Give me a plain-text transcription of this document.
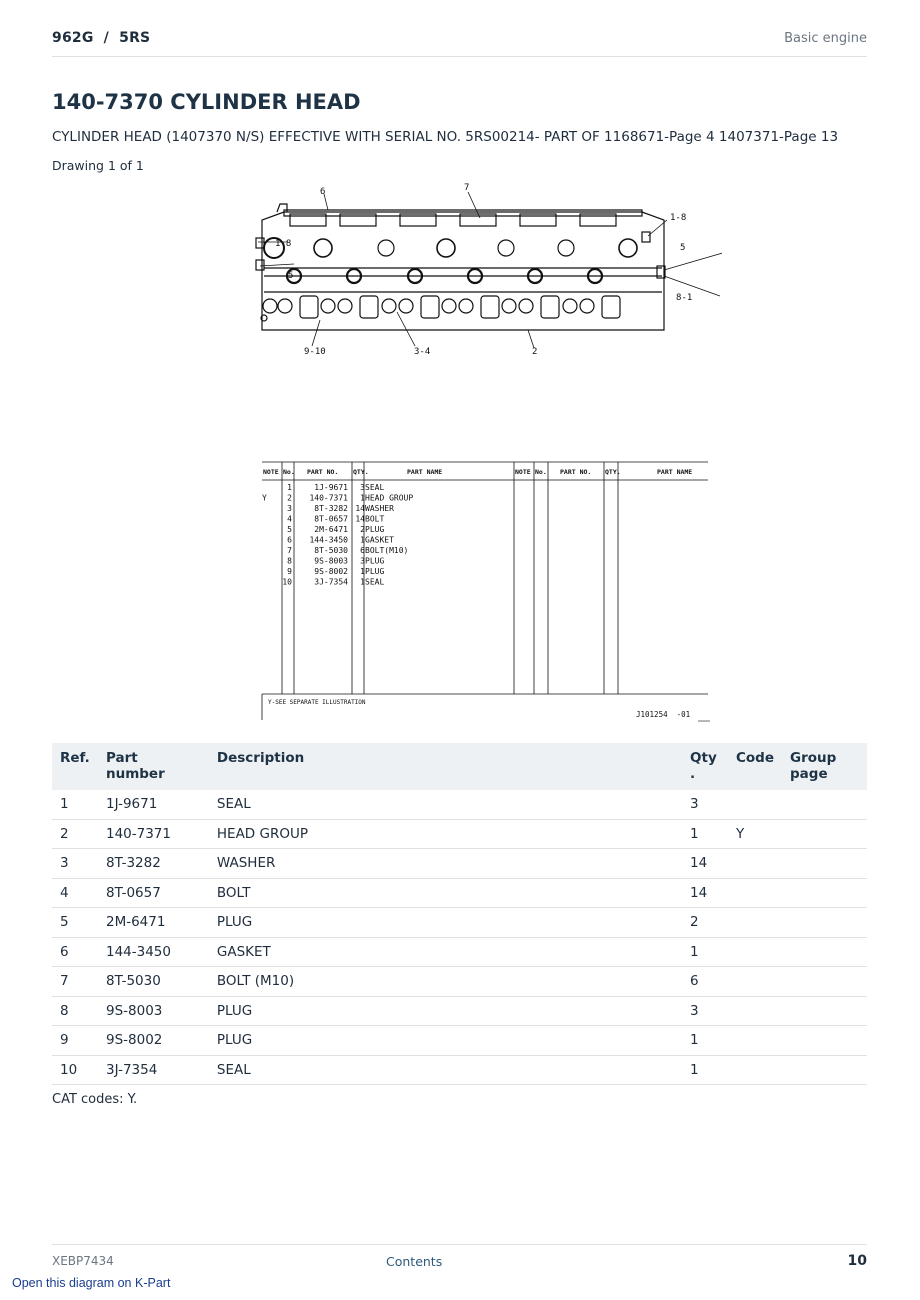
962G  /  5RS	Basic engine
140-7370 CYLINDER HEAD
CYLINDER HEAD (1407370 N/S) EFFECTIVE WITH SERIAL NO. 5RS00214- PART OF 1168671-Page 4 1407371-Page 13
Drawing 1 of 1
6	7
1-8
1-8	5
5
8-1
9-10	3-4	2
NOTE No. PART NO. QTY.	PART NAME	NOTE No. PART NO. QTY.	PART NAME
1	1J-9671 3 SEAL
Y	2 140-7371 1 HEAD GROUP
3	8T-3282 14 WASHER
4	8T-0657 14 BOLT
5	2M-6471 2 PLUG
6 144-3450 1 GASKET
7	8T-5030 6 BOLT(M10)
8	9S-8003 3 PLUG
9	9S-8002 1 PLUG
10	3J-7354 1 SEAL
Y-SEE SEPARATE ILLUSTRATION
J101254  -01
Ref.	Part number	Description	Qty
.	Code	Group
page
1	1J-9671	SEAL	3		
2	140-7371	HEAD GROUP	1	Y	
3	8T-3282	WASHER	14		
4	8T-0657	BOLT	14		
5	2M-6471	PLUG	2		
6	144-3450	GASKET	1		
7	8T-5030	BOLT (M10)	6		
8	9S-8003	PLUG	3		
9	9S-8002	PLUG	1		
10	3J-7354	SEAL	1		
CAT codes: Y.
XEBP7434	Contents	10
Open this diagram on K-Part
